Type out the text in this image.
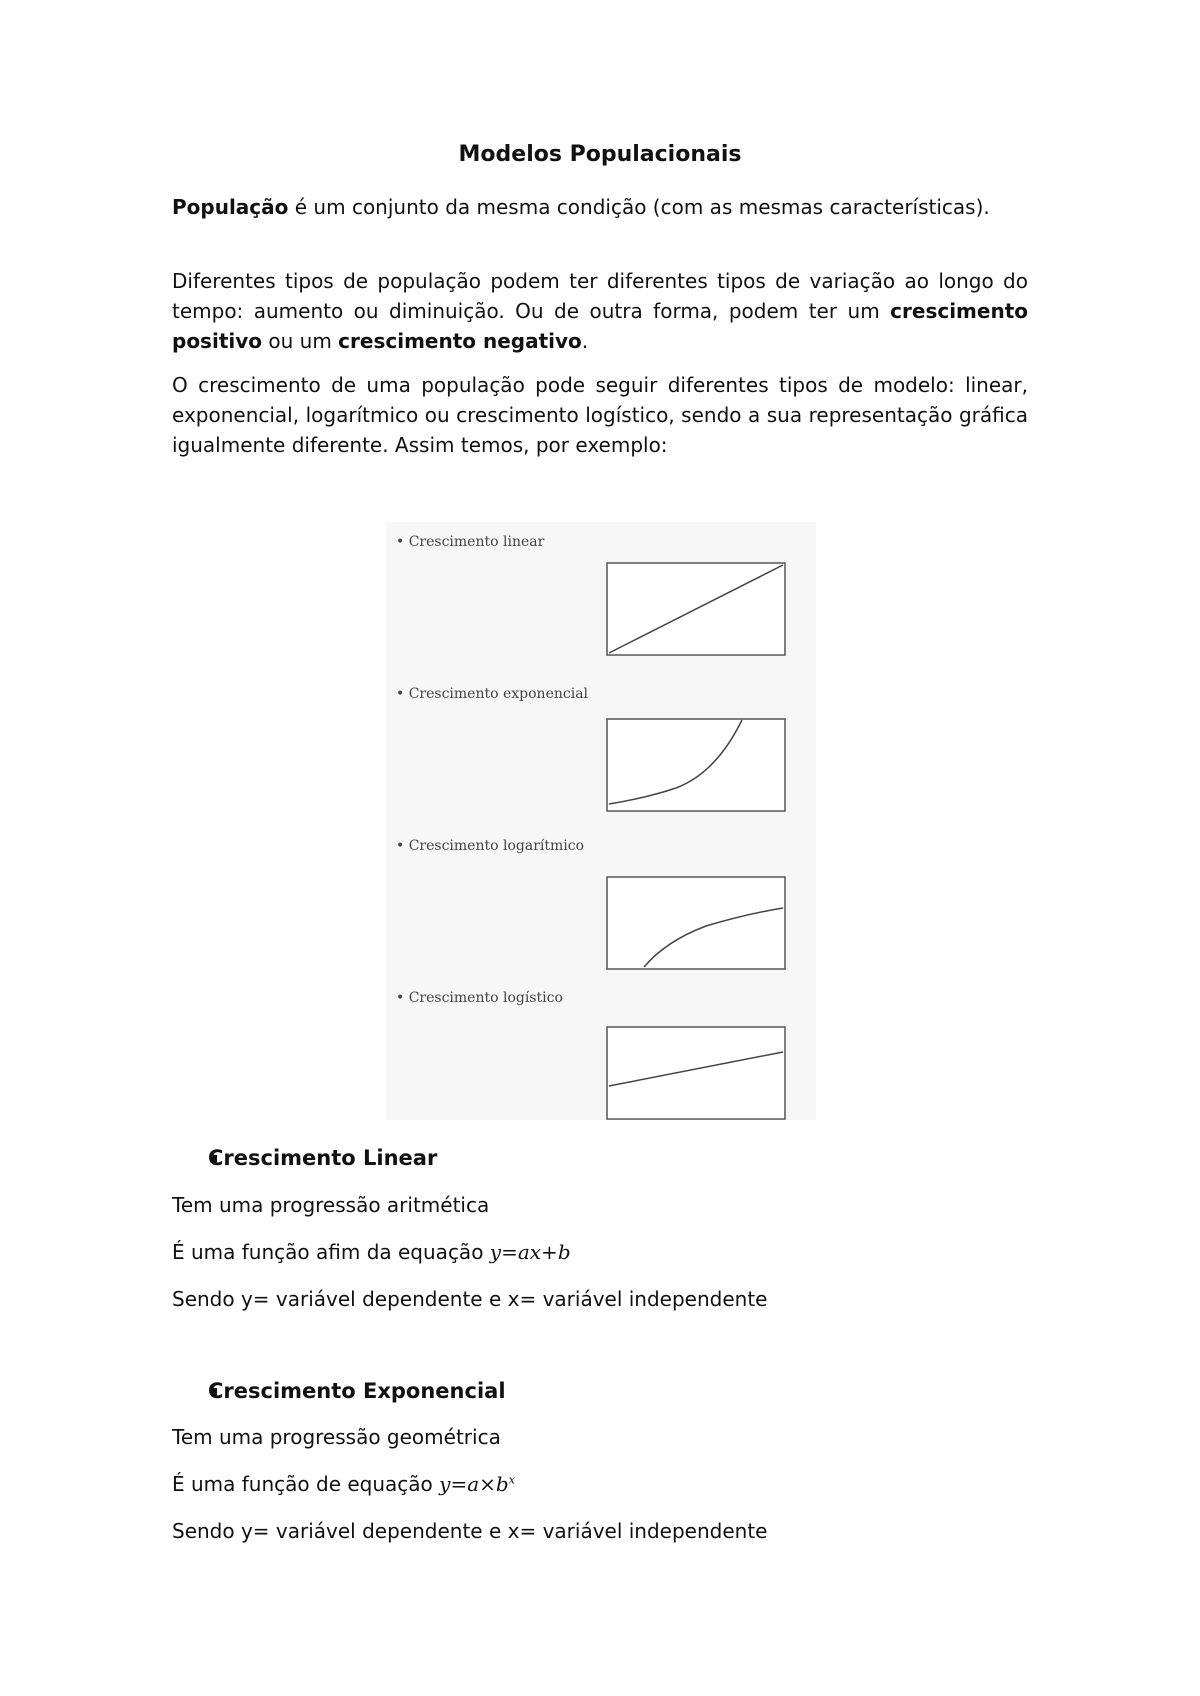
Modelos Populacionais
População é um conjunto da mesma condição (com as mesmas características).
Diferentes tipos de população podem ter diferentes tipos de variação ao longo do tempo: aumento ou diminuição. Ou de outra forma, podem ter um crescimento positivo ou um crescimento negativo.
O crescimento de uma população pode seguir diferentes tipos de modelo: linear, exponencial, logarítmico ou crescimento logístico, sendo a sua representação gráfica igualmente diferente. Assim temos, por exemplo:
• Crescimento linear
• Crescimento exponencial
• Crescimento logarítmico
• Crescimento logístico
Crescimento Linear
Tem uma progressão aritmética
É uma função afim da equação y=ax+b
Sendo y= variável dependente e x= variável independente
Crescimento Exponencial
Tem uma progressão geométrica
É uma função de equação $y=a\times b^x$
Sendo y= variável dependente e x= variável independente
